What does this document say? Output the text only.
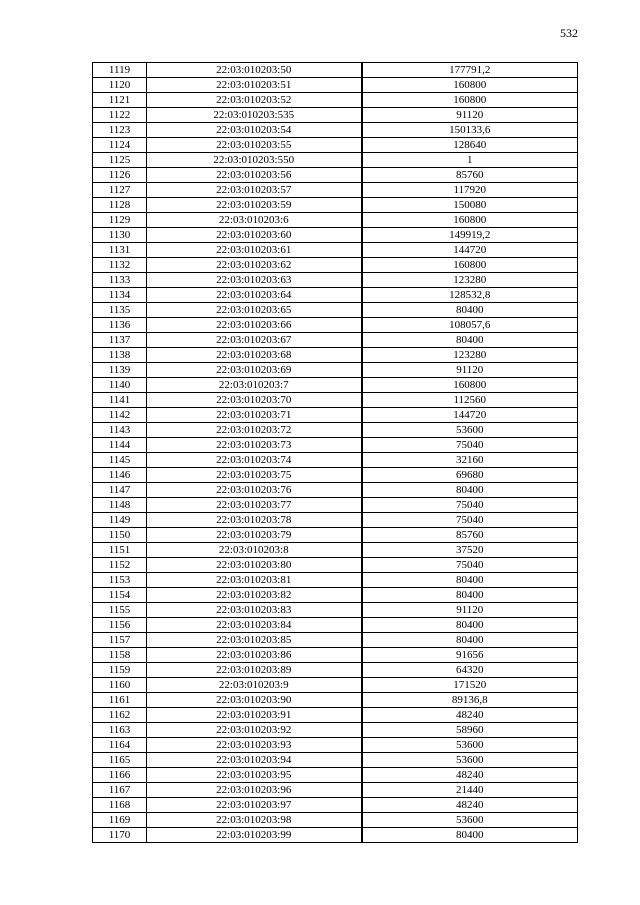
532
1119	22:03:010203:50	177791,2
1120	22:03:010203:51	160800
1121	22:03:010203:52	160800
1122	22:03:010203:535	91120
1123	22:03:010203:54	150133,6
1124	22:03:010203:55	128640
1125	22:03:010203:550	1
1126	22:03:010203:56	85760
1127	22:03:010203:57	117920
1128	22:03:010203:59	150080
1129	22:03:010203:6	160800
1130	22:03:010203:60	149919,2
1131	22:03:010203:61	144720
1132	22:03:010203:62	160800
1133	22:03:010203:63	123280
1134	22:03:010203:64	128532,8
1135	22:03:010203:65	80400
1136	22:03:010203:66	108057,6
1137	22:03:010203:67	80400
1138	22:03:010203:68	123280
1139	22:03:010203:69	91120
1140	22:03:010203:7	160800
1141	22:03:010203:70	112560
1142	22:03:010203:71	144720
1143	22:03:010203:72	53600
1144	22:03:010203:73	75040
1145	22:03:010203:74	32160
1146	22:03:010203:75	69680
1147	22:03:010203:76	80400
1148	22:03:010203:77	75040
1149	22:03:010203:78	75040
1150	22:03:010203:79	85760
1151	22:03:010203:8	37520
1152	22:03:010203:80	75040
1153	22:03:010203:81	80400
1154	22:03:010203:82	80400
1155	22:03:010203:83	91120
1156	22:03:010203:84	80400
1157	22:03:010203:85	80400
1158	22:03:010203:86	91656
1159	22:03:010203:89	64320
1160	22:03:010203:9	171520
1161	22:03:010203:90	89136,8
1162	22:03:010203:91	48240
1163	22:03:010203:92	58960
1164	22:03:010203:93	53600
1165	22:03:010203:94	53600
1166	22:03:010203:95	48240
1167	22:03:010203:96	21440
1168	22:03:010203:97	48240
1169	22:03:010203:98	53600
1170	22:03:010203:99	80400
